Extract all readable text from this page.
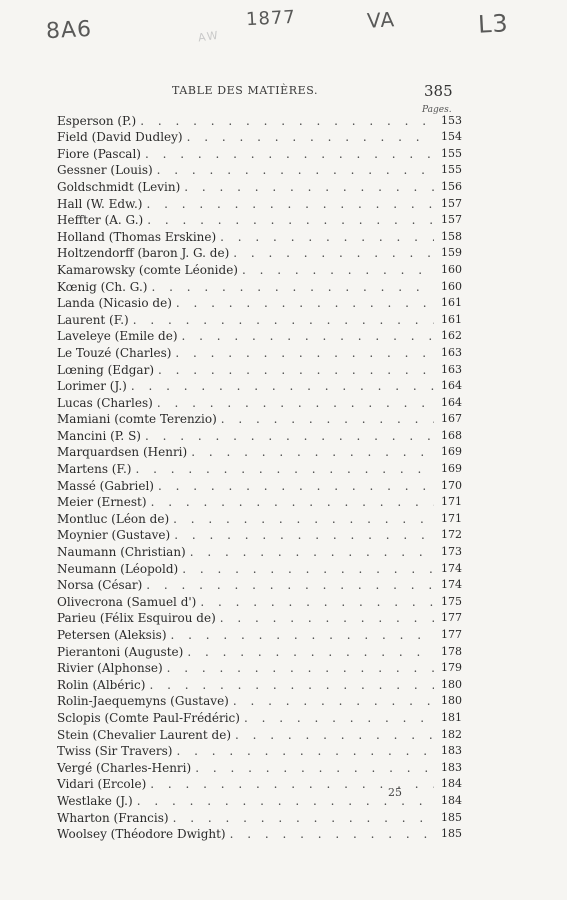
8A6	AW
1877	VA	L3
TABLE DES MATIÈRES.	385
Pages.
Esperson (P.) . . .	153
Field (David Dudley) . . .	154
Fiore (Pascal) . . .	155
Gessner (Louis) . . .	155
Goldschmidt (Levin) . . .	156
Hall (W. Edw.) . . .	157
Heffter (A. G.) . . .	157
Holland (Thomas Erskine) . . .	158
Holtzendorff (baron J. G. de) . . .	159
Kamarowsky (comte Léonide) . . .	160
Kœnig (Ch. G.) . . .	160
Landa (Nicasio de) . . .	161
Laurent (F.) . . .	161
Laveleye (Emile de) . . .	162
Le Touzé (Charles) . . .	163
Lœning (Edgar) . . .	163
Lorimer (J.) . . .	164
Lucas (Charles) . . .	164
Mamiani (comte Terenzio) . . .	167
Mancini (P. S) . . .	168
Marquardsen (Henri) . . .	169
Martens (F.) . . .	169
Massé (Gabriel) . . .	170
Meier (Ernest) . . .	171
Montluc (Léon de) . . .	171
Moynier (Gustave) . . .	172
Naumann (Christian) . . .	173
Neumann (Léopold) . . .	174
Norsa (César) . . .	174
Olivecrona (Samuel d') . . .	175
Parieu (Félix Esquirou de) . . .	177
Petersen (Aleksis) . . .	177
Pierantoni (Auguste) . . .	178
Rivier (Alphonse) . . .	179
Rolin (Albéric) . . .	180
Rolin-Jaequemyns (Gustave) . . .	180
Sclopis (Comte Paul-Frédéric) . . .	181
Stein (Chevalier Laurent de) . . .	182
Twiss (Sir Travers) . . .	183
Vergé (Charles-Henri) . . .	183
Vidari (Ercole) . . .	184
Westlake (J.) . . .	184
Wharton (Francis) . . .	185
Woolsey (Théodore Dwight) . . .	185
25
